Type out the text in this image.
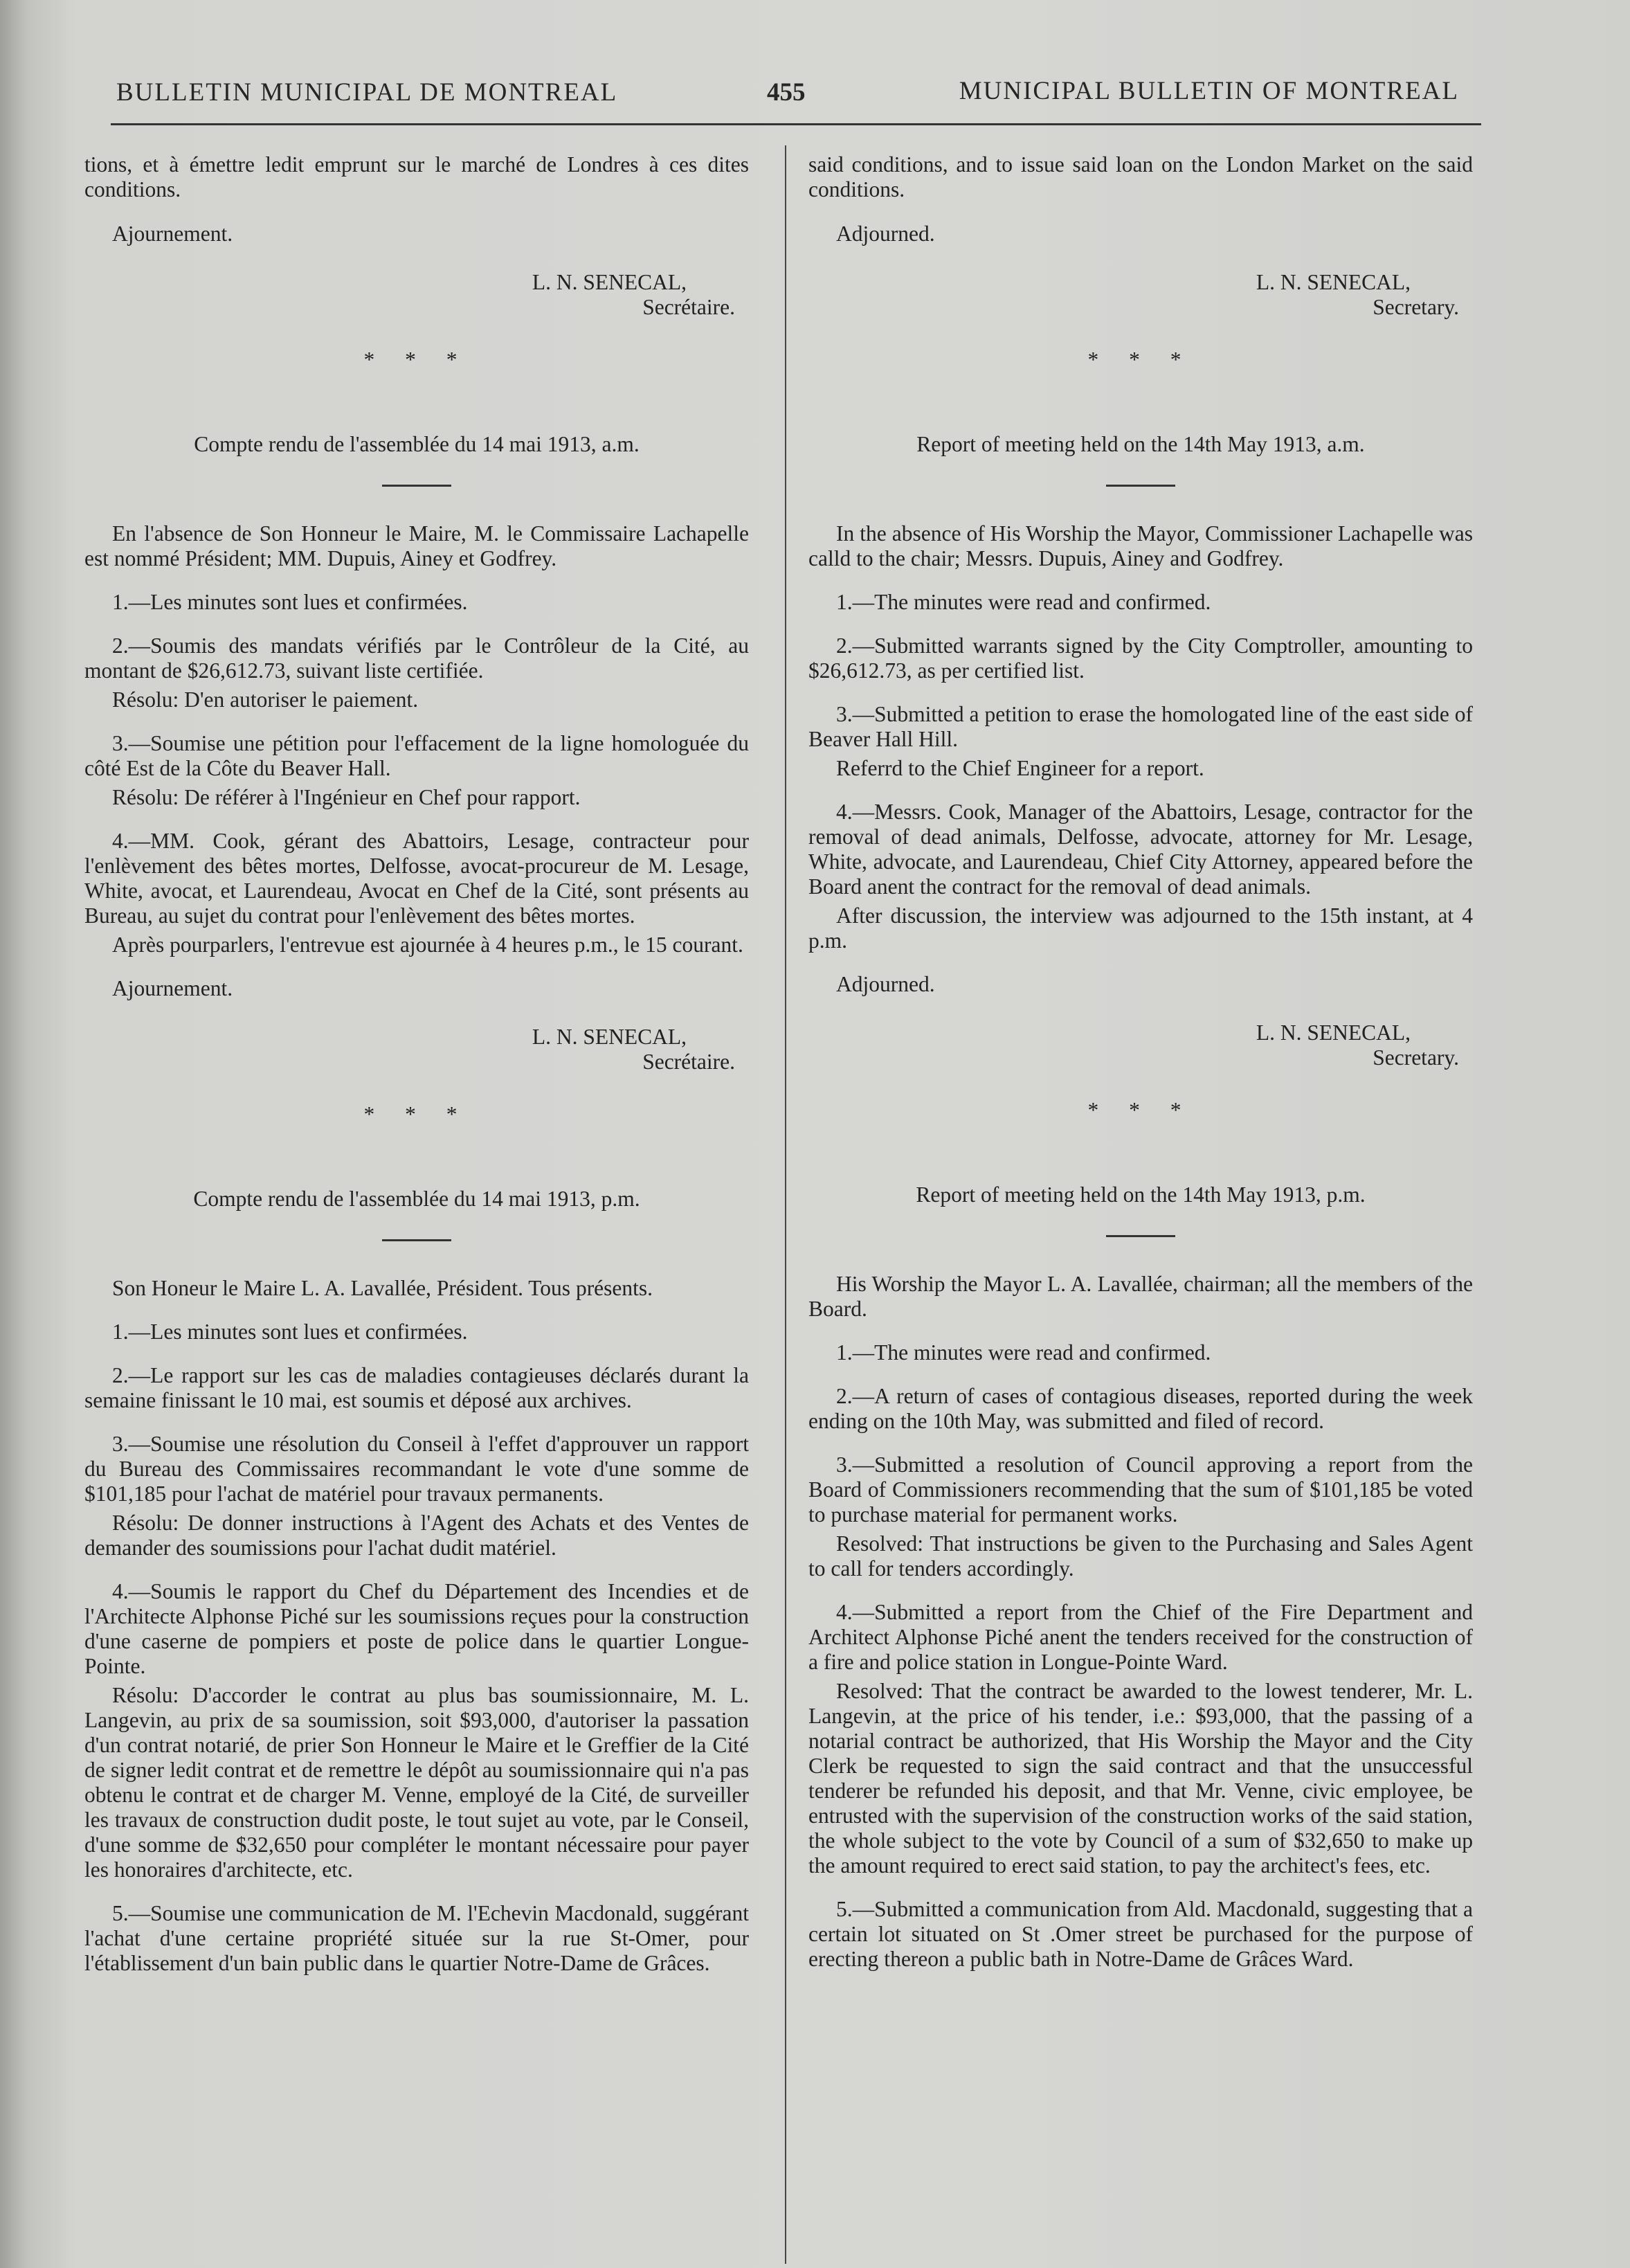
BULLETIN MUNICIPAL DE MONTREAL	455	MUNICIPAL BULLETIN OF MONTREAL

tions, et à émettre ledit emprunt sur le marché de Londres à ces dites conditions.

Ajournement.

L. N. SENECAL,
Secrétaire.
* * *

Compte rendu de l'assemblée du 14 mai 1913, a.m.

En l'absence de Son Honneur le Maire, M. le Commissaire Lachapelle est nommé Président; MM. Dupuis, Ainey et Godfrey.

1.—Les minutes sont lues et confirmées.

2.—Soumis des mandats vérifiés par le Contrôleur de la Cité, au montant de $26,612.73, suivant liste certifiée.

Résolu: D'en autoriser le paiement.

3.—Soumise une pétition pour l'effacement de la ligne homologuée du côté Est de la Côte du Beaver Hall.

Résolu: De référer à l'Ingénieur en Chef pour rapport.

4.—MM. Cook, gérant des Abattoirs, Lesage, contracteur pour l'enlèvement des bêtes mortes, Delfosse, avocat-procureur de M. Lesage, White, avocat, et Laurendeau, Avocat en Chef de la Cité, sont présents au Bureau, au sujet du contrat pour l'enlèvement des bêtes mortes.

Après pourparlers, l'entrevue est ajournée à 4 heures p.m., le 15 courant.

Ajournement.

L. N. SENECAL,
Secrétaire.
* * *

Compte rendu de l'assemblée du 14 mai 1913, p.m.

Son Honeur le Maire L. A. Lavallée, Président. Tous présents.

1.—Les minutes sont lues et confirmées.

2.—Le rapport sur les cas de maladies contagieuses déclarés durant la semaine finissant le 10 mai, est soumis et déposé aux archives.

3.—Soumise une résolution du Conseil à l'effet d'approuver un rapport du Bureau des Commissaires recommandant le vote d'une somme de $101,185 pour l'achat de matériel pour travaux permanents.

Résolu: De donner instructions à l'Agent des Achats et des Ventes de demander des soumissions pour l'achat dudit matériel.

4.—Soumis le rapport du Chef du Département des Incendies et de l'Architecte Alphonse Piché sur les soumissions reçues pour la construction d'une caserne de pompiers et poste de police dans le quartier Longue-Pointe.

Résolu: D'accorder le contrat au plus bas soumissionnaire, M. L. Langevin, au prix de sa soumission, soit $93,000, d'autoriser la passation d'un contrat notarié, de prier Son Honneur le Maire et le Greffier de la Cité de signer ledit contrat et de remettre le dépôt au soumissionnaire qui n'a pas obtenu le contrat et de charger M. Venne, employé de la Cité, de surveiller les travaux de construction dudit poste, le tout sujet au vote, par le Conseil, d'une somme de $32,650 pour compléter le montant nécessaire pour payer les honoraires d'architecte, etc.

5.—Soumise une communication de M. l'Echevin Macdonald, suggérant l'achat d'une certaine propriété située sur la rue St-Omer, pour l'établissement d'un bain public dans le quartier Notre-Dame de Grâces.

said conditions, and to issue said loan on the London Market on the said conditions.

Adjourned.

L. N. SENECAL,
Secretary.
* * *

Report of meeting held on the 14th May 1913, a.m.

In the absence of His Worship the Mayor, Commissioner Lachapelle was calld to the chair; Messrs. Dupuis, Ainey and Godfrey.

1.—The minutes were read and confirmed.

2.—Submitted warrants signed by the City Comptroller, amounting to $26,612.73, as per certified list.

3.—Submitted a petition to erase the homologated line of the east side of Beaver Hall Hill.

Referrd to the Chief Engineer for a report.

4.—Messrs. Cook, Manager of the Abattoirs, Lesage, contractor for the removal of dead animals, Delfosse, advocate, attorney for Mr. Lesage, White, advocate, and Laurendeau, Chief City Attorney, appeared before the Board anent the contract for the removal of dead animals.

After discussion, the interview was adjourned to the 15th instant, at 4 p.m.

Adjourned.

L. N. SENECAL,
Secretary.
* * *

Report of meeting held on the 14th May 1913, p.m.

His Worship the Mayor L. A. Lavallée, chairman; all the members of the Board.

1.—The minutes were read and confirmed.

2.—A return of cases of contagious diseases, reported during the week ending on the 10th May, was submitted and filed of record.

3.—Submitted a resolution of Council approving a report from the Board of Commissioners recommending that the sum of $101,185 be voted to purchase material for permanent works.

Resolved: That instructions be given to the Purchasing and Sales Agent to call for tenders accordingly.

4.—Submitted a report from the Chief of the Fire Department and Architect Alphonse Piché anent the tenders received for the construction of a fire and police station in Longue-Pointe Ward.

Resolved: That the contract be awarded to the lowest tenderer, Mr. L. Langevin, at the price of his tender, i.e.: $93,000, that the passing of a notarial contract be authorized, that His Worship the Mayor and the City Clerk be requested to sign the said contract and that the unsuccessful tenderer be refunded his deposit, and that Mr. Venne, civic employee, be entrusted with the supervision of the construction works of the said station, the whole subject to the vote by Council of a sum of $32,650 to make up the amount required to erect said station, to pay the architect's fees, etc.

5.—Submitted a communication from Ald. Macdonald, suggesting that a certain lot situated on St .Omer street be purchased for the purpose of erecting thereon a public bath in Notre-Dame de Grâces Ward.
